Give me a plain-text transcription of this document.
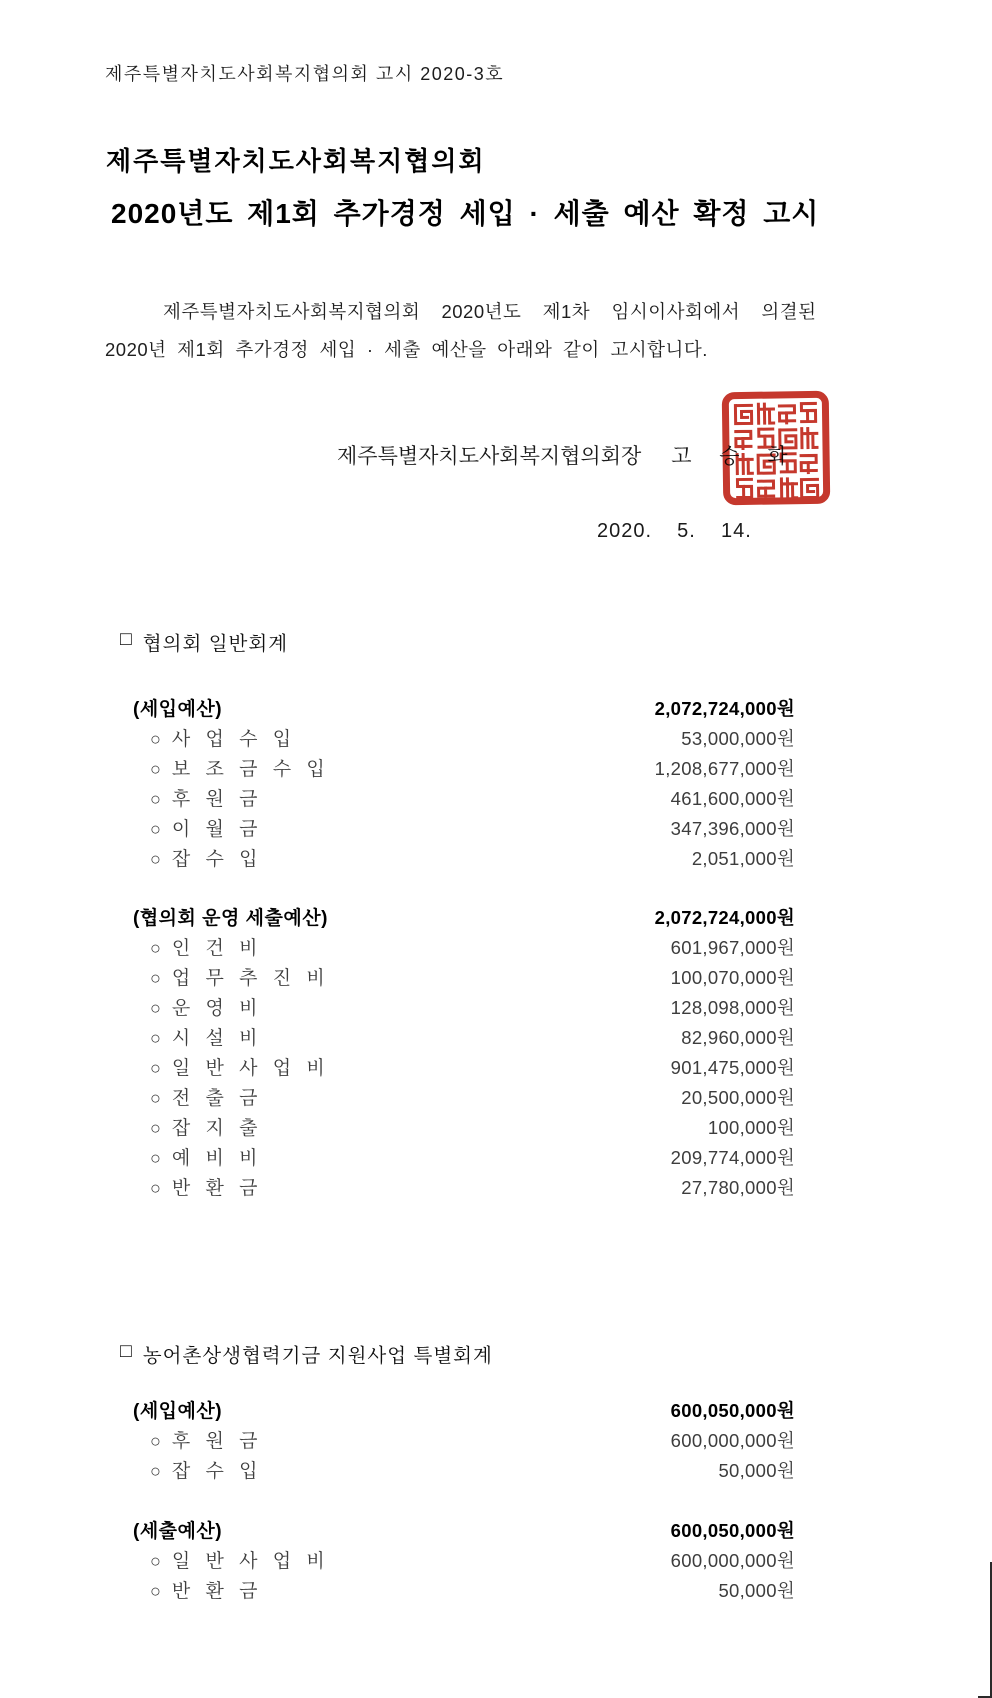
제주특별자치도사회복지협의회 고시 2020-3호
제주특별자치도사회복지협의회
2020년도 제1회 추가경정 세입 · 세출 예산 확정 고시
제주특별자치도사회복지협의회  2020년도  제1차  임시이사회에서  의결된
2020년 제1회 추가경정 세입 · 세출 예산을 아래와 같이 고시합니다.
제주특별자치도사회복지협의회장 고  승  화
2020.  5.  14.
□ 협의회 일반회계
(세입예산)	2,072,724,000원
○ 사 업 수 입	53,000,000원
○ 보 조 금 수 입	1,208,677,000원
○ 후 원 금	461,600,000원
○ 이 월 금	347,396,000원
○ 잡 수 입	2,051,000원
(협의회 운영 세출예산)	2,072,724,000원
○ 인 건 비	601,967,000원
○ 업 무 추 진 비	100,070,000원
○ 운 영 비	128,098,000원
○ 시 설 비	82,960,000원
○ 일 반 사 업 비	901,475,000원
○ 전 출 금	20,500,000원
○ 잡 지 출	100,000원
○ 예 비 비	209,774,000원
○ 반 환 금	27,780,000원
□ 농어촌상생협력기금 지원사업 특별회계
(세입예산)	600,050,000원
○ 후 원 금	600,000,000원
○ 잡 수 입	50,000원
(세출예산)	600,050,000원
○ 일 반 사 업 비	600,000,000원
○ 반 환 금	50,000원
